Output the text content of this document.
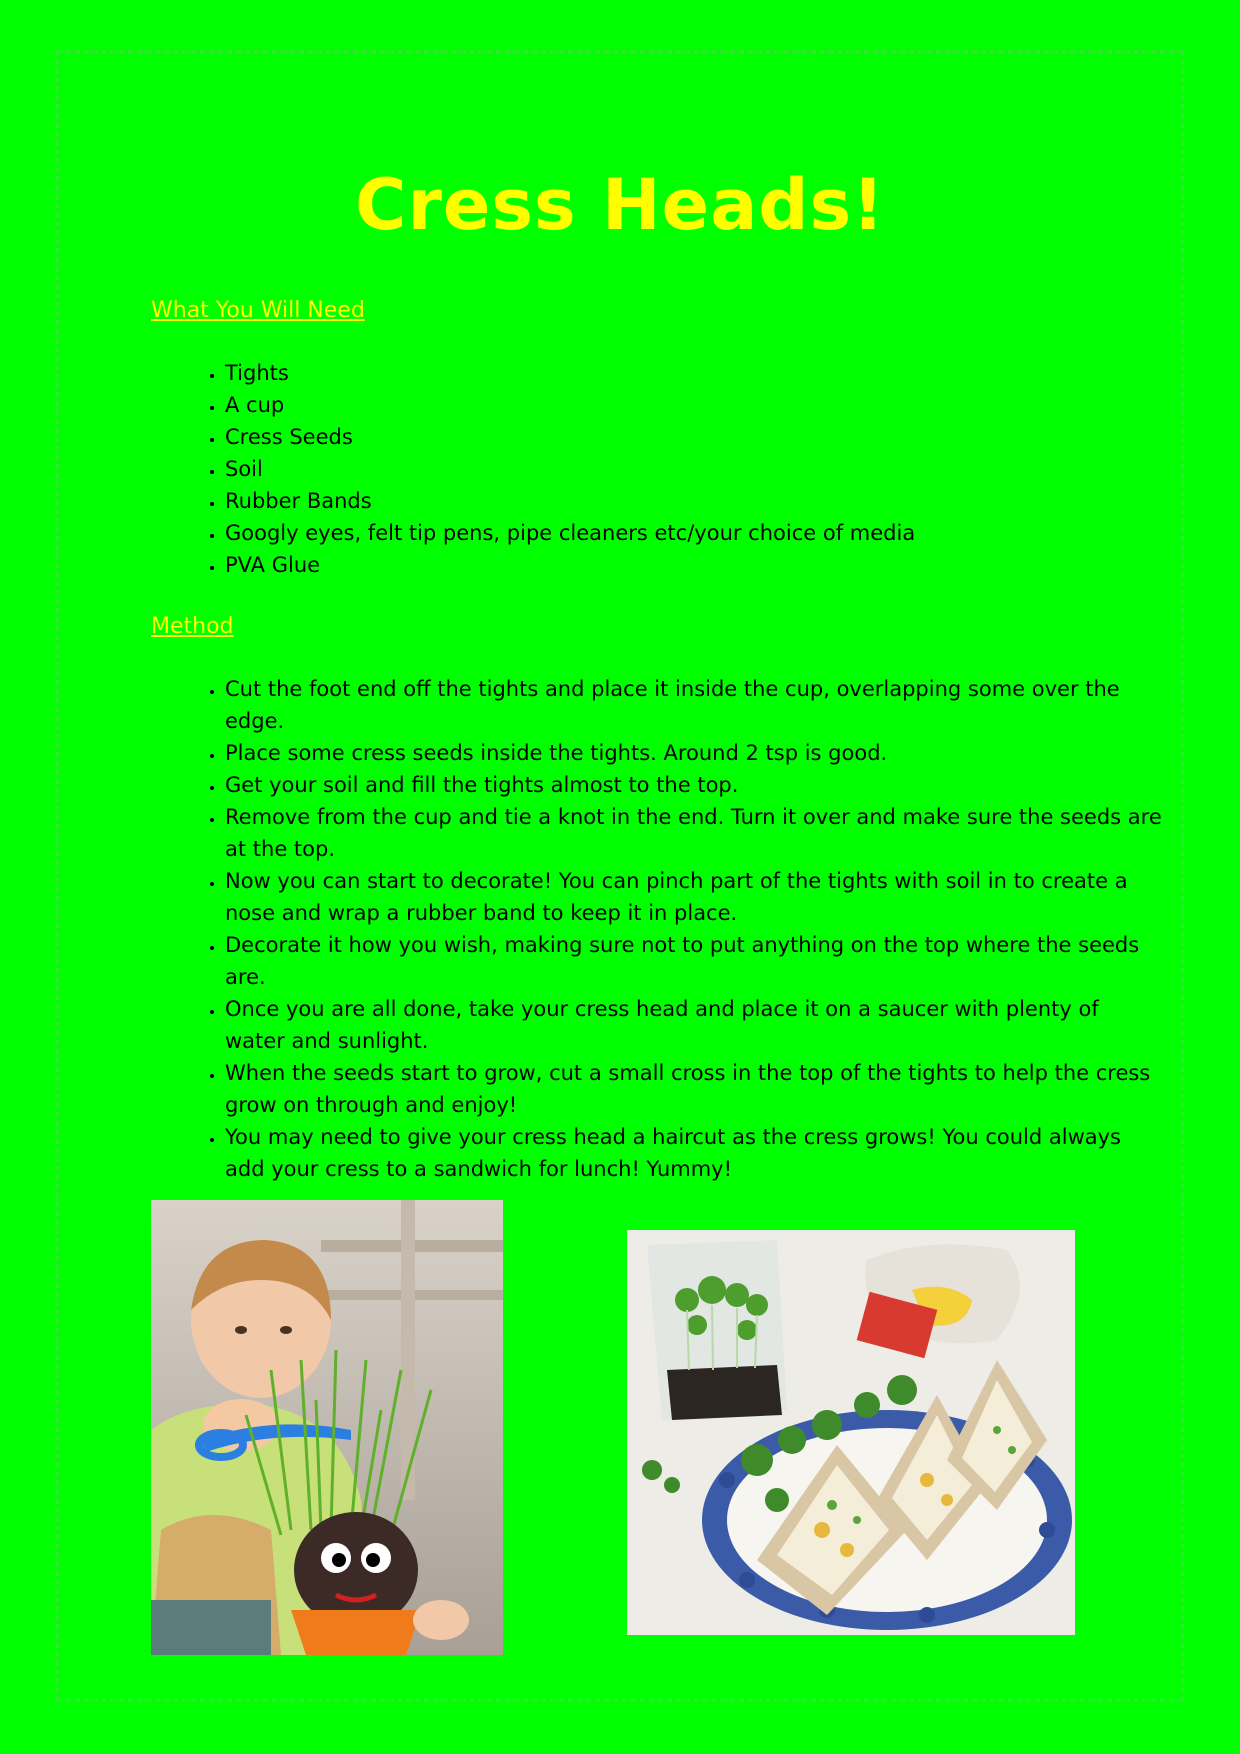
Cress Heads!
What You Will Need
• Tights
• A cup
• Cress Seeds
• Soil
• Rubber Bands
• Googly eyes, felt tip pens, pipe cleaners etc/your choice of media
• PVA Glue
Method
• Cut the foot end off the tights and place it inside the cup, overlapping some over the edge.
• Place some cress seeds inside the tights. Around 2 tsp is good.
• Get your soil and fill the tights almost to the top.
• Remove from the cup and tie a knot in the end. Turn it over and make sure the seeds are at the top.
• Now you can start to decorate! You can pinch part of the tights with soil in to create a nose and wrap a rubber band to keep it in place.
• Decorate it how you wish, making sure not to put anything on the top where the seeds are.
• Once you are all done, take your cress head and place it on a saucer with plenty of water and sunlight.
• When the seeds start to grow, cut a small cross in the top of the tights to help the cress grow on through and enjoy!
• You may need to give your cress head a haircut as the cress grows! You could always add your cress to a sandwich for lunch! Yummy!
